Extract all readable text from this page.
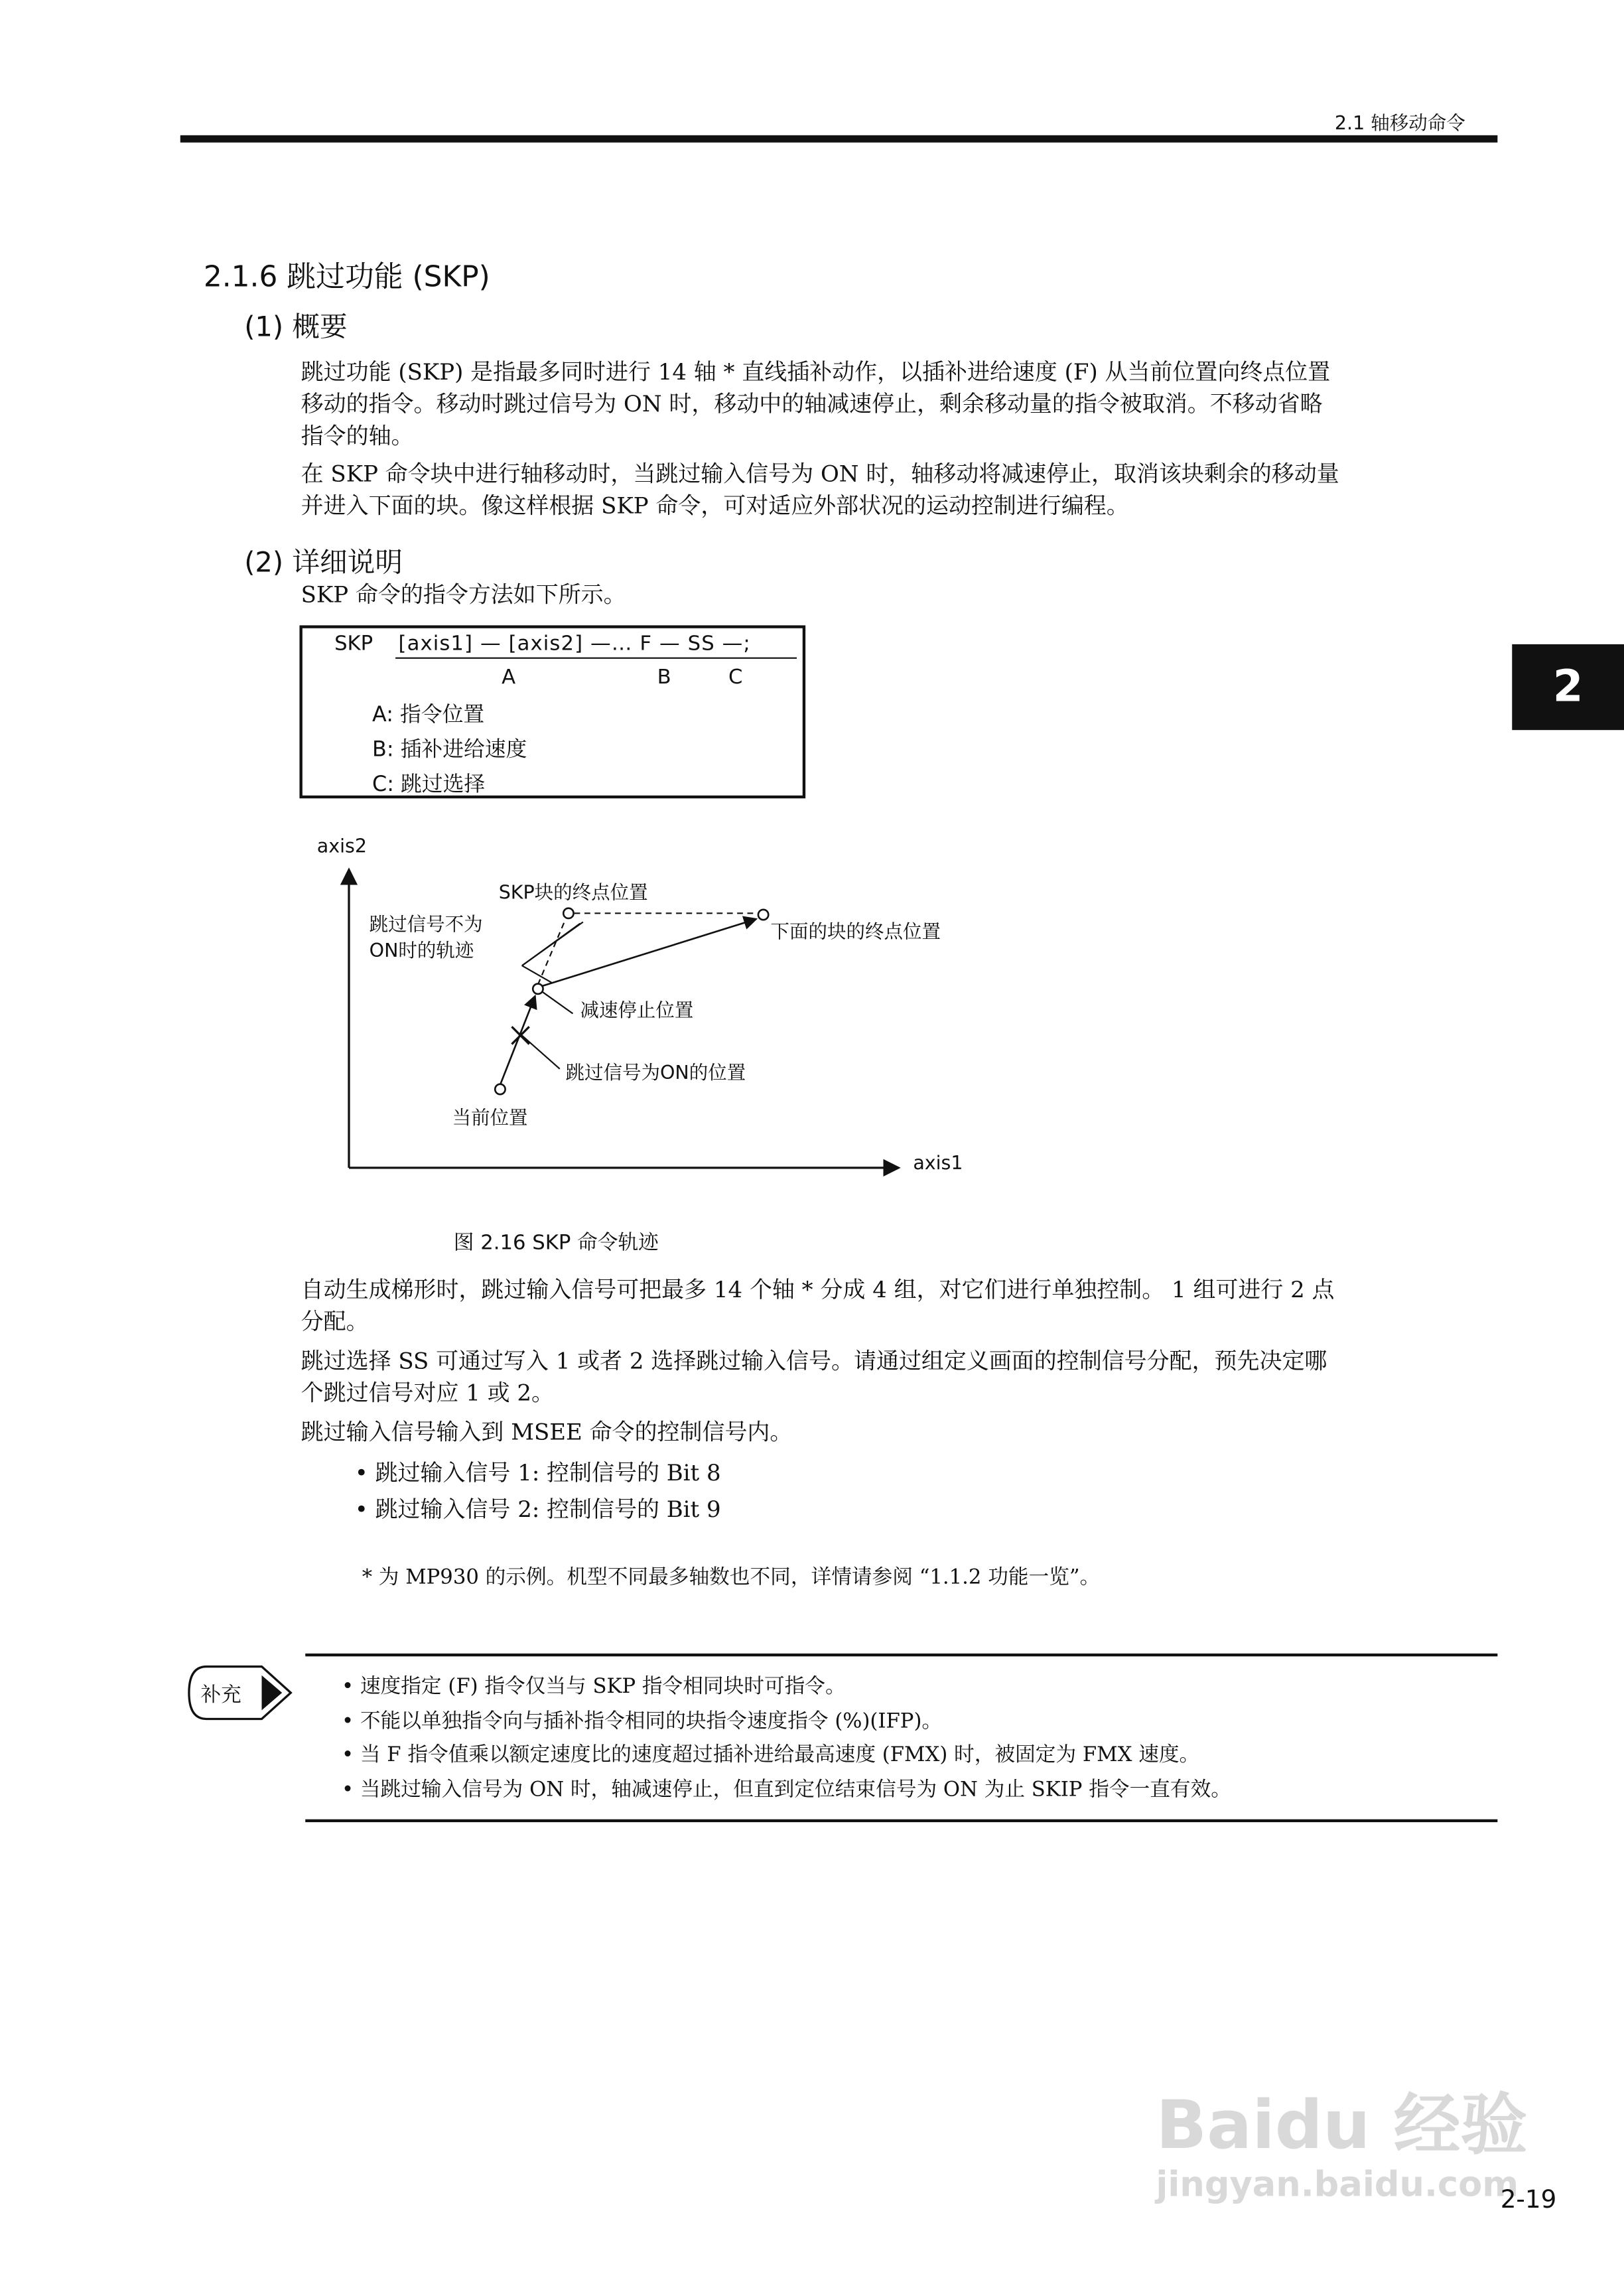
2.1 轴移动命令
2
2.1.6 跳过功能 (SKP)
(1) 概要
跳过功能 (SKP) 是指最多同时进行 14 轴 * 直线插补动作，以插补进给速度 (F) 从当前位置向终点位置
移动的指令。移动时跳过信号为 ON 时，移动中的轴减速停止，剩余移动量的指令被取消。不移动省略
指令的轴。
在 SKP 命令块中进行轴移动时，当跳过输入信号为 ON 时，轴移动将减速停止，取消该块剩余的移动量
并进入下面的块。像这样根据 SKP 命令，可对适应外部状况的运动控制进行编程。
(2) 详细说明
SKP 命令的指令方法如下所示。
SKP	[axis1] — [axis2] —… F — SS —;
A	B	C
A: 指令位置
B: 插补进给速度
C: 跳过选择
axis2
axis1
SKP块的终点位置
跳过信号不为
ON时的轨迹
下面的块的终点位置
减速停止位置
跳过信号为ON的位置
当前位置
图 2.16 SKP 命令轨迹
自动生成梯形时，跳过输入信号可把最多 14 个轴 * 分成 4 组，对它们进行单独控制。 1 组可进行 2 点
分配。
跳过选择 SS 可通过写入 1 或者 2 选择跳过输入信号。请通过组定义画面的控制信号分配，预先决定哪
个跳过信号对应 1 或 2。
跳过输入信号输入到 MSEE 命令的控制信号内。
• 跳过输入信号 1: 控制信号的 Bit 8
• 跳过输入信号 2: 控制信号的 Bit 9
* 为 MP930 的示例。机型不同最多轴数也不同，详情请参阅 “1.1.2 功能一览”。
补充	• 速度指定 (F) 指令仅当与 SKP 指令相同块时可指令。
• 不能以单独指令向与插补指令相同的块指令速度指令 (%)(IFP)。
• 当 F 指令值乘以额定速度比的速度超过插补进给最高速度 (FMX) 时，被固定为 FMX 速度。
• 当跳过输入信号为 ON 时，轴减速停止，但直到定位结束信号为 ON 为止 SKIP 指令一直有效。
Baidu 经验
jingyan.baidu.com
2-19
